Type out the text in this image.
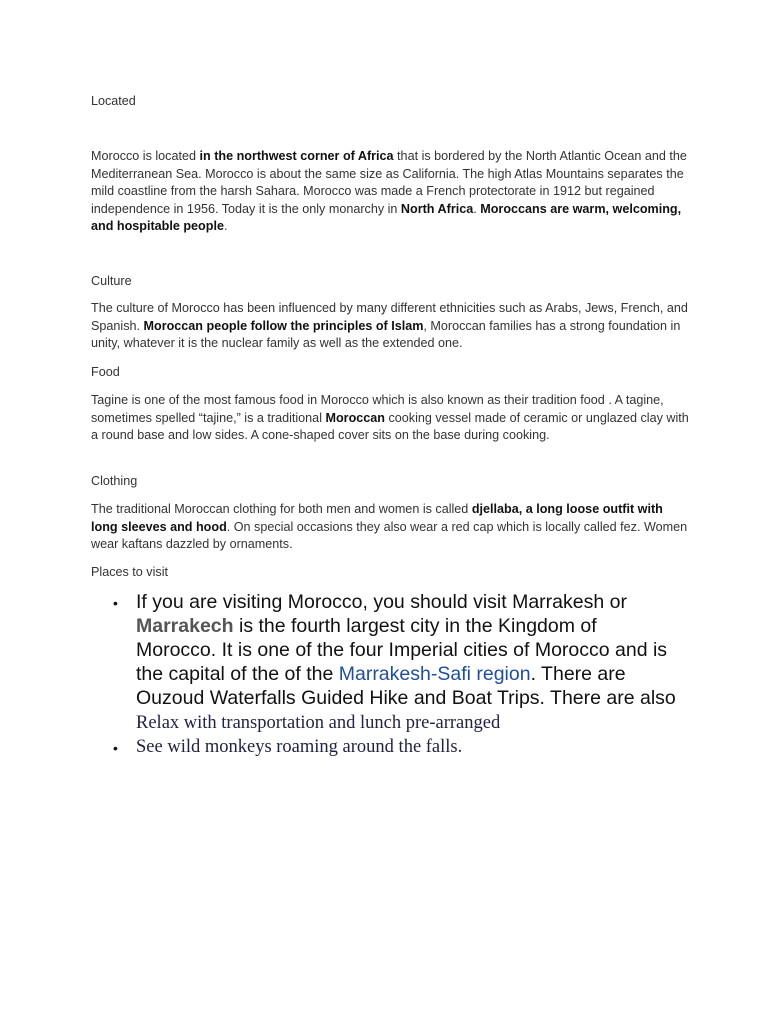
Located

Morocco is located in the northwest corner of Africa that is bordered by the North Atlantic Ocean and the Mediterranean Sea. Morocco is about the same size as California. The high Atlas Mountains separates the mild coastline from the harsh Sahara. Morocco was made a French protectorate in 1912 but regained independence in 1956. Today it is the only monarchy in North Africa. Moroccans are warm, welcoming, and hospitable people.

Culture

The culture of Morocco has been influenced by many different ethnicities such as Arabs, Jews, French, and Spanish. Moroccan people follow the principles of Islam, Moroccan families has a strong foundation in unity, whatever it is the nuclear family as well as the extended one.

Food

Tagine is one of the most famous food in Morocco which is also known as their tradition food . A tagine, sometimes spelled “tajine,” is a traditional Moroccan cooking vessel made of ceramic or unglazed clay with a round base and low sides. A cone-shaped cover sits on the base during cooking.

Clothing

The traditional Moroccan clothing for both men and women is called djellaba, a long loose outfit with long sleeves and hood. On special occasions they also wear a red cap which is locally called fez. Women wear kaftans dazzled by ornaments.

Places to visit

• If you are visiting Morocco, you should visit Marrakesh or Marrakech is the fourth largest city in the Kingdom of Morocco. It is one of the four Imperial cities of Morocco and is the capital of the of the Marrakesh-Safi region. There are Ouzoud Waterfalls Guided Hike and Boat Trips. There are also Relax with transportation and lunch pre-arranged
• See wild monkeys roaming around the falls.
